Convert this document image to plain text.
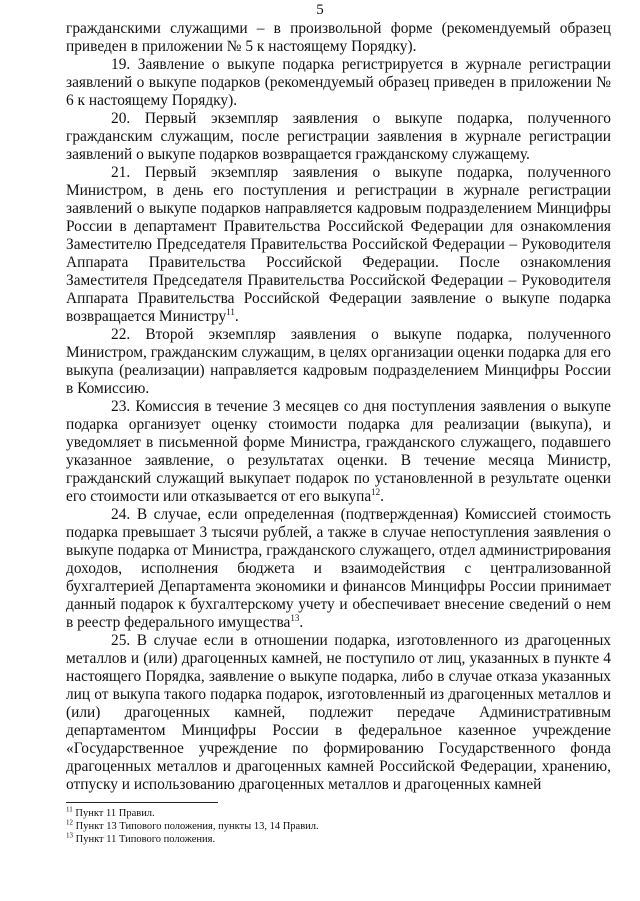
5

гражданскими служащими – в произвольной форме (рекомендуемый образец приведен в приложении № 5 к настоящему Порядку).

19. Заявление о выкупе подарка регистрируется в журнале регистрации заявлений о выкупе подарков (рекомендуемый образец приведен в приложении № 6 к настоящему Порядку).

20. Первый экземпляр заявления о выкупе подарка, полученного гражданским служащим, после регистрации заявления в журнале регистрации заявлений о выкупе подарков возвращается гражданскому служащему.

21. Первый экземпляр заявления о выкупе подарка, полученного Министром, в день его поступления и регистрации в журнале регистрации заявлений о выкупе подарков направляется кадровым подразделением Минцифры России в департамент Правительства Российской Федерации для ознакомления Заместителю Председателя Правительства Российской Федерации – Руководителя Аппарата Правительства Российской Федерации. После ознакомления Заместителя Председателя Правительства Российской Федерации – Руководителя Аппарата Правительства Российской Федерации заявление о выкупе подарка возвращается Министру$^{11}$.

22. Второй экземпляр заявления о выкупе подарка, полученного Министром, гражданским служащим, в целях организации оценки подарка для его выкупа (реализации) направляется кадровым подразделением Минцифры России в Комиссию.

23. Комиссия в течение 3 месяцев со дня поступления заявления о выкупе подарка организует оценку стоимости подарка для реализации (выкупа), и уведомляет в письменной форме Министра, гражданского служащего, подавшего указанное заявление, о результатах оценки. В течение месяца Министр, гражданский служащий выкупает подарок по установленной в результате оценки его стоимости или отказывается от его выкупа$^{12}$.

24. В случае, если определенная (подтвержденная) Комиссией стоимость подарка превышает 3 тысячи рублей, а также в случае непоступления заявления о выкупе подарка от Министра, гражданского служащего, отдел администрирования доходов, исполнения бюджета и взаимодействия с централизованной бухгалтерией Департамента экономики и финансов Минцифры России принимает данный подарок к бухгалтерскому учету и обеспечивает внесение сведений о нем в реестр федерального имущества$^{13}$.

25. В случае если в отношении подарка, изготовленного из драгоценных металлов и (или) драгоценных камней, не поступило от лиц, указанных в пункте 4 настоящего Порядка, заявление о выкупе подарка, либо в случае отказа указанных лиц от выкупа такого подарка подарок, изготовленный из драгоценных металлов и (или) драгоценных камней, подлежит передаче Административным департаментом Минцифры России в федеральное казенное учреждение «Государственное учреждение по формированию Государственного фонда драгоценных металлов и драгоценных камней Российской Федерации, хранению, отпуску и использованию драгоценных металлов и драгоценных камней

$^{11}$ Пункт 11 Правил.
$^{12}$ Пункт 13 Типового положения, пункты 13, 14 Правил.
$^{13}$ Пункт 11 Типового положения.
